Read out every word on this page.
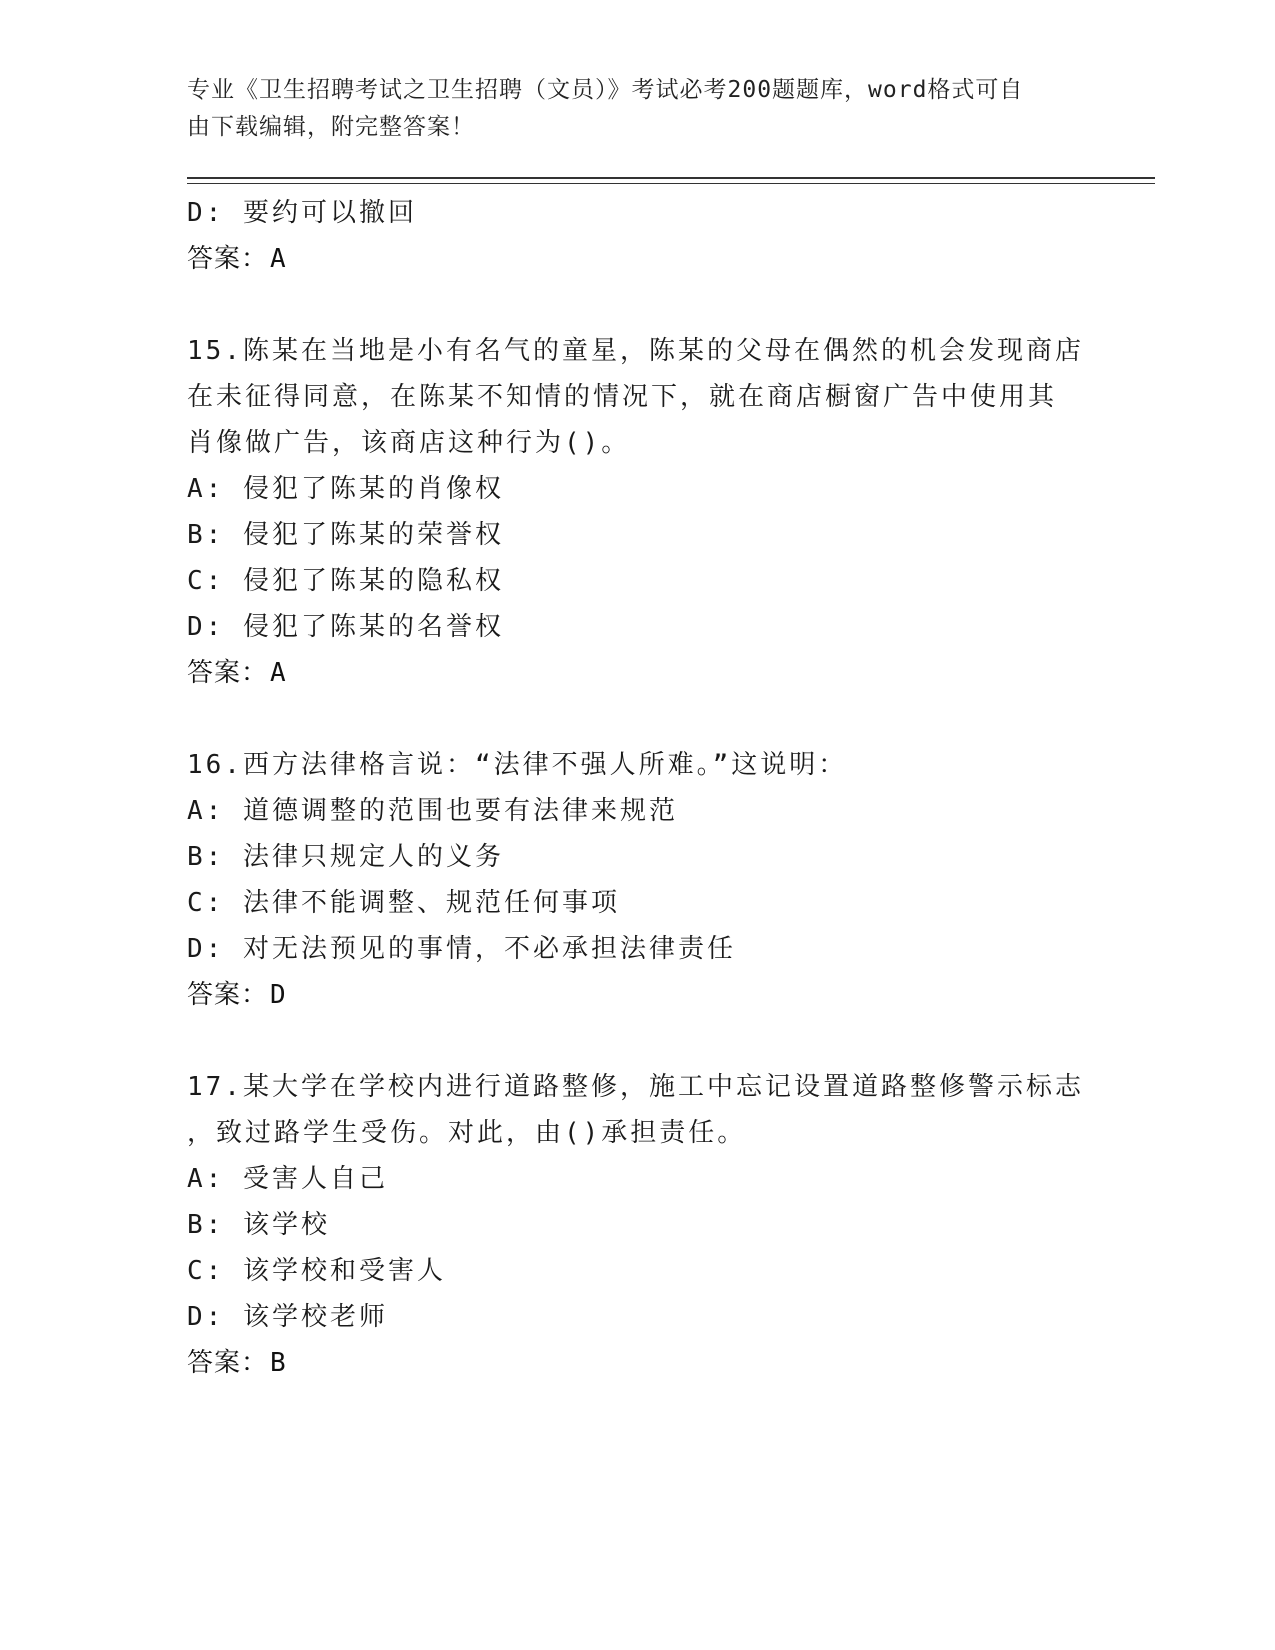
专业《卫生招聘考试之卫生招聘（文员）》考试必考200题题库，word格式可自
由下载编辑，附完整答案！
D: 要约可以撤回
答案：A
15.陈某在当地是小有名气的童星，陈某的父母在偶然的机会发现商店
在未征得同意，在陈某不知情的情况下，就在商店橱窗广告中使用其
肖像做广告，该商店这种行为()。
A: 侵犯了陈某的肖像权
B: 侵犯了陈某的荣誉权
C: 侵犯了陈某的隐私权
D: 侵犯了陈某的名誉权
答案：A
16.西方法律格言说：“法律不强人所难。”这说明：
A: 道德调整的范围也要有法律来规范
B: 法律只规定人的义务
C: 法律不能调整、规范任何事项
D: 对无法预见的事情，不必承担法律责任
答案：D
17.某大学在学校内进行道路整修，施工中忘记设置道路整修警示标志
，致过路学生受伤。对此，由()承担责任。
A: 受害人自己
B: 该学校
C: 该学校和受害人
D: 该学校老师
答案：B
